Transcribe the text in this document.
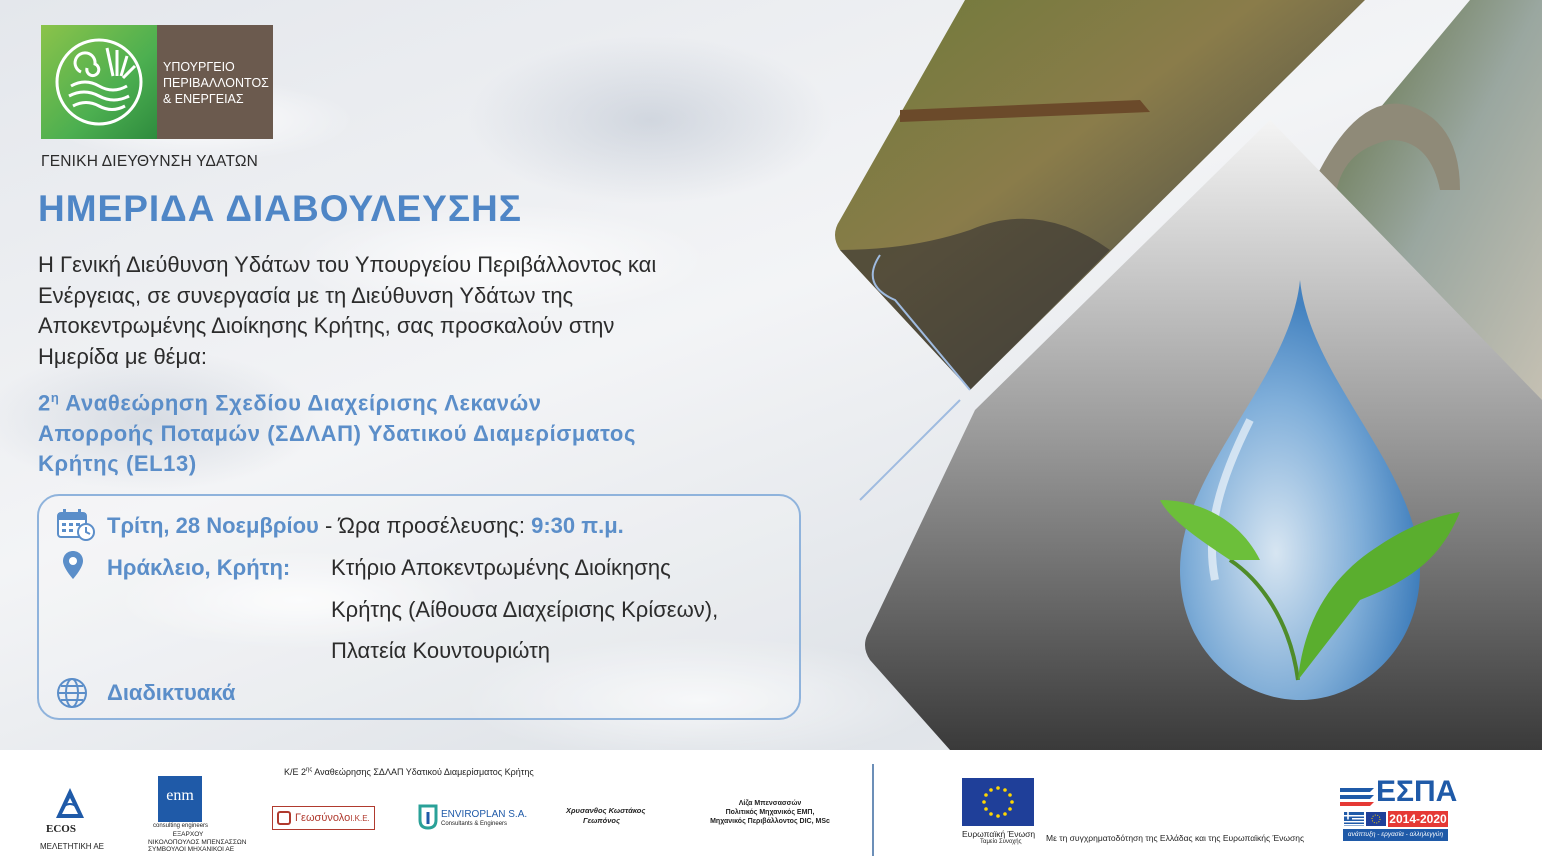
ΥΠΟΥΡΓΕΙΟ
ΠΕΡΙΒΑΛΛΟΝΤΟΣ
& ΕΝΕΡΓΕΙΑΣ
ΓΕΝΙΚΗ ΔΙΕΥΘΥΝΣΗ ΥΔΑΤΩΝ
ΗΜΕΡΙΔΑ ΔΙΑΒΟΥΛΕΥΣΗΣ
Η Γενική Διεύθυνση Υδάτων του Υπουργείου Περιβάλλοντος και
Ενέργειας, σε συνεργασία με τη Διεύθυνση Υδάτων της
Αποκεντρωμένης Διοίκησης Κρήτης, σας προσκαλούν στην
Ημερίδα με θέμα:
$2^\eta$ Αναθεώρηση Σχεδίου Διαχείρισης Λεκανών
Απορροής Ποταμών (ΣΔΛΑΠ) Υδατικού Διαμερίσματος
Κρήτης (EL13)
Τρίτη, 28 Νοεμβρίου - Ώρα προσέλευσης: 9:30 π.μ.
Ηράκλειο, Κρήτη: Κτήριο Αποκεντρωμένης Διοίκησης
Κρήτης (Αίθουσα Διαχείρισης Κρίσεων),
Πλατεία Κουντουριώτη
Διαδικτυακά
Κ/Ε $2^{\eta\varsigma}$ Αναθεώρησης ΣΔΛΑΠ Υδατικού Διαμερίσματος Κρήτης
ECOS
ΜΕΛΕΤΗΤΙΚΗ ΑΕ
enm
consulting engineers
ΕΞΑΡΧΟΥ
ΝΙΚΟΛΟΠΟΥΛΟΣ ΜΠΕΝΣΑΣΣΩΝ
ΣΥΜΒΟΥΛΟΙ ΜΗΧΑΝΙΚΟΙ ΑΕ
Γεωσύνολο Ι.Κ.Ε.	ENVIROPLAN S.A.
Consultants & Engineers
Χρυσανθος Κωστάκος
Γεωπόνος
Λίζα Μπενσασσών
Πολιτικός Μηχανικός ΕΜΠ,
Μηχανικός Περιβάλλοντος DIC, MSc
Ευρωπαϊκή Ένωση
Ταμείο Συνοχής	Με τη συγχρηματοδότηση της Ελλάδας και της Ευρωπαϊκής Ένωσης
ΕΣΠΑ
2014-2020
ανάπτυξη - εργασία - αλληλεγγύη
